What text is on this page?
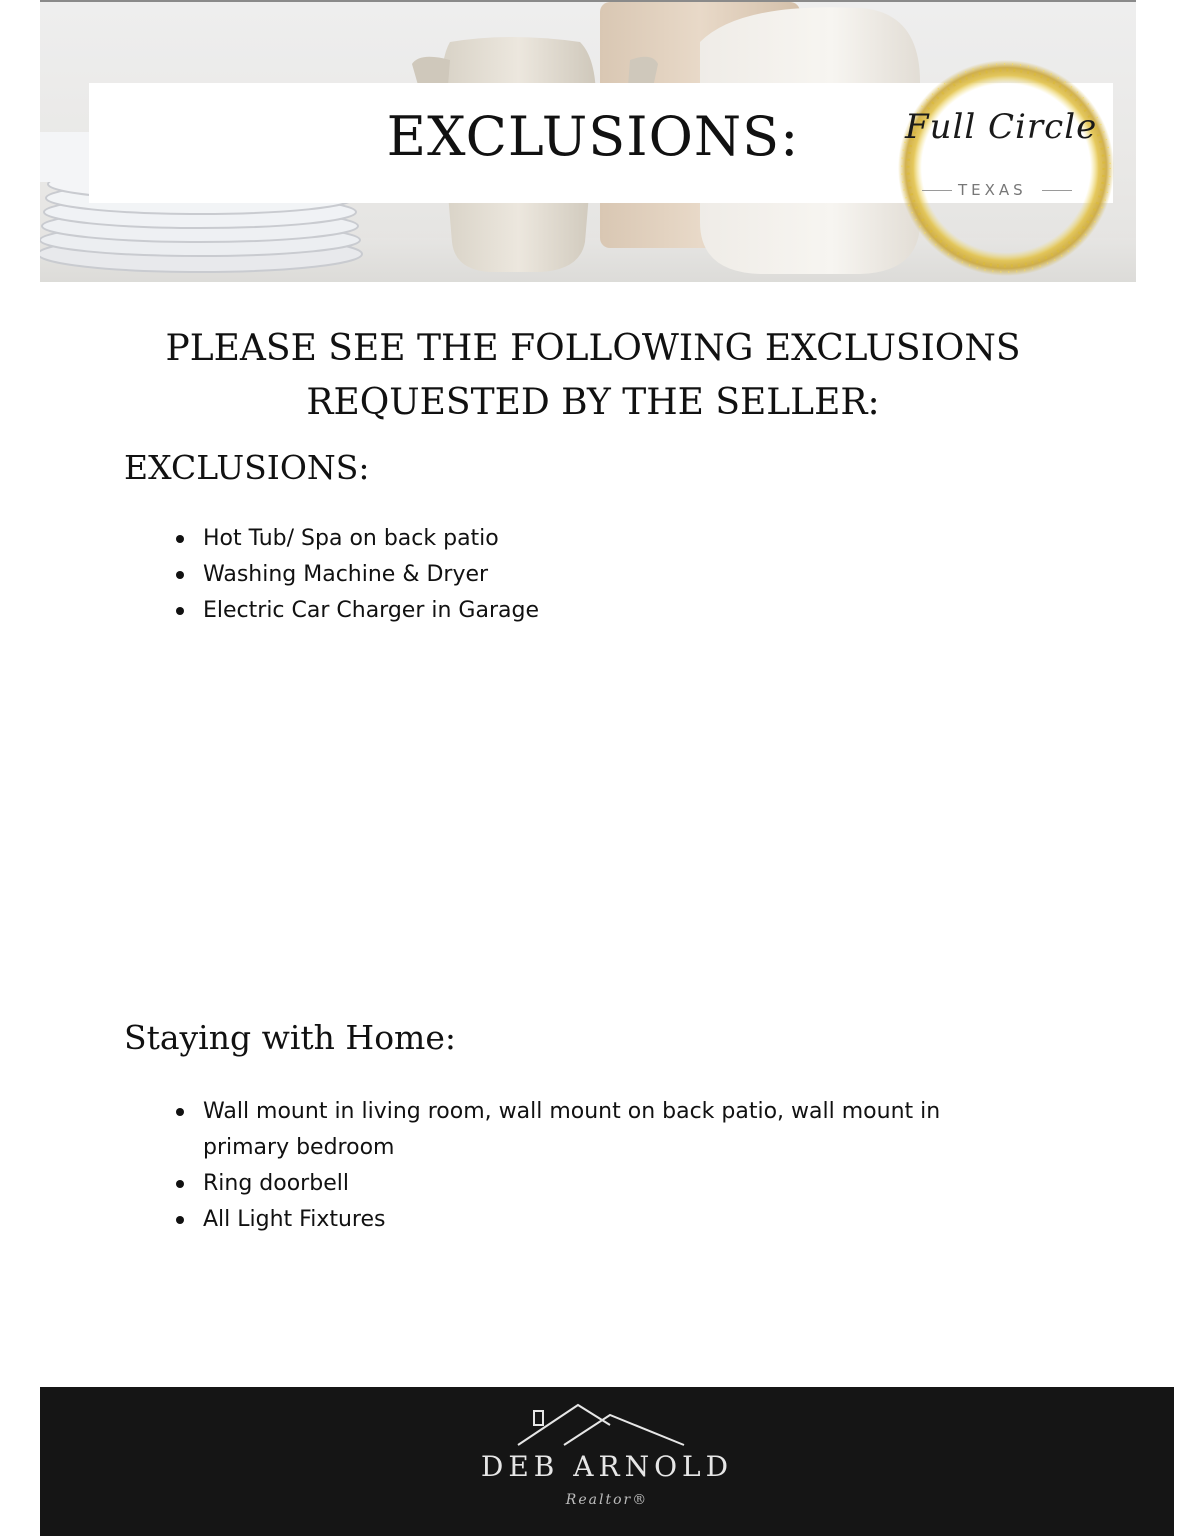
EXCLUSIONS:	Full Circle
TEXAS
PLEASE SEE THE FOLLOWING EXCLUSIONS
REQUESTED BY THE SELLER:
EXCLUSIONS:
Hot Tub/ Spa on back patio
Washing Machine & Dryer
Electric Car Charger in Garage
Staying with Home:
Wall mount in living room, wall mount on back patio, wall mount in primary bedroom
Ring doorbell
All Light Fixtures
DEB ARNOLD
Realtor®
